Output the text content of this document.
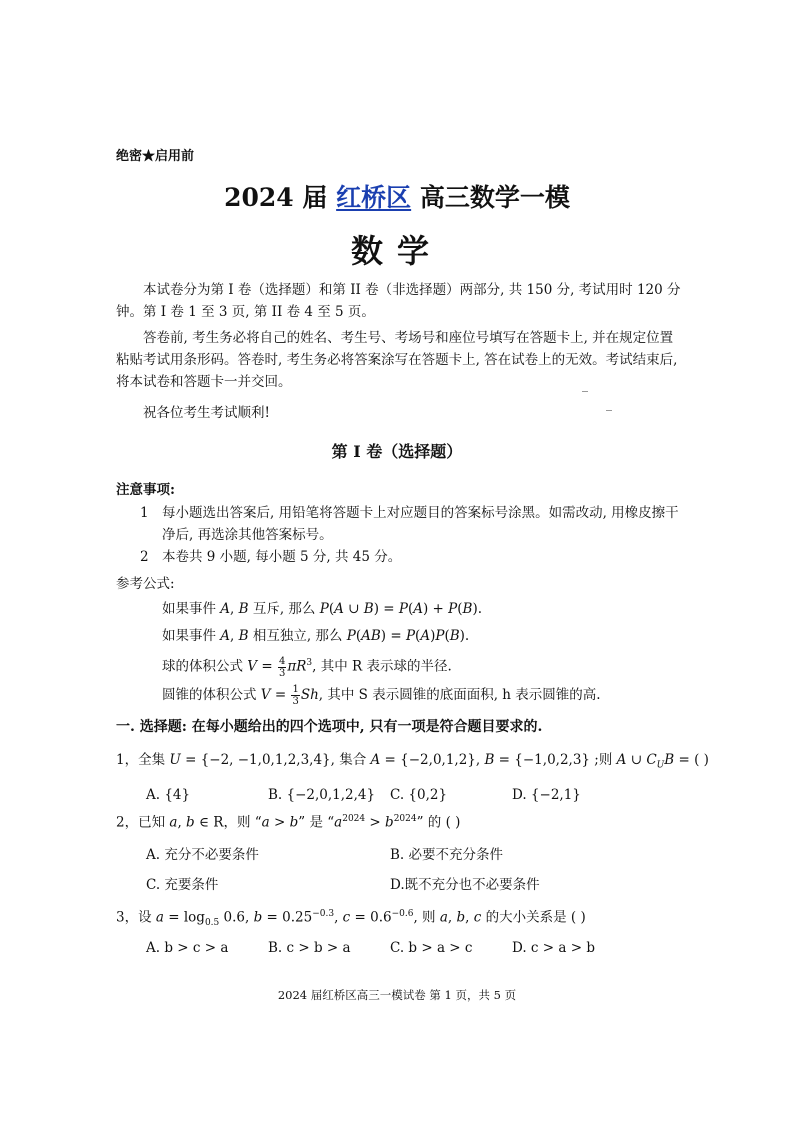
绝密★启用前
2024 届 红桥区 高三数学一模
数学
本试卷分为第 I 卷（选择题）和第 II 卷（非选择题）两部分, 共 150 分, 考试用时 120 分钟。第 I 卷 1 至 3 页, 第 II 卷 4 至 5 页。
答卷前, 考生务必将自己的姓名、考生号、考场号和座位号填写在答题卡上, 并在规定位置粘贴考试用条形码。答卷时, 考生务必将答案涂写在答题卡上, 答在试卷上的无效。考试结束后, 将本试卷和答题卡一并交回。
祝各位考生考试顺利!
第 I 卷（选择题）
注意事项:
1 每小题选出答案后, 用铅笔将答题卡上对应题目的答案标号涂黑。如需改动, 用橡皮擦干净后, 再选涂其他答案标号。
2 本卷共 9 小题, 每小题 5 分, 共 45 分。
参考公式:
如果事件 A, B 互斥, 那么 P(A ∪ B) = P(A) + P(B).
如果事件 A, B 相互独立, 那么 P(AB) = P(A)P(B).
球的体积公式 $V = \frac{4}{3} \pi R^3$, 其中 R 表示球的半径.
圆锥的体积公式 $V = \frac{1}{3} Sh$, 其中 S 表示圆锥的底面面积, h 表示圆锥的高.
一. 选择题: 在每小题给出的四个选项中, 只有一项是符合题目要求的.
1，全集 U = {−2, −1,0,1,2,3,4}, 集合 A = {−2,0,1,2}, B = {−1,0,2,3} ;则 A ∪ $C_UB$ = ( )
A. {4}	B. {−2,0,1,2,4} C. {0,2}	D. {−2,1}
2，已知 a, b ∈ R，则 “a > b” 是 “$a^{2024} > b^{2024}$” 的 ( )
A. 充分不必要条件	B. 必要不充分条件
C. 充要条件	D.既不充分也不必要条件
3，设 $a = \log_{0.5} 0.6$, $b = 0.25^{-0.3}$, $c = 0.6^{-0.6}$, 则 a, b, c 的大小关系是 ( )
A. b > c > a	B. c > b > a	C. b > a > c	D. c > a > b
2024 届红桥区高三一模试卷 第 1 页，共 5 页
